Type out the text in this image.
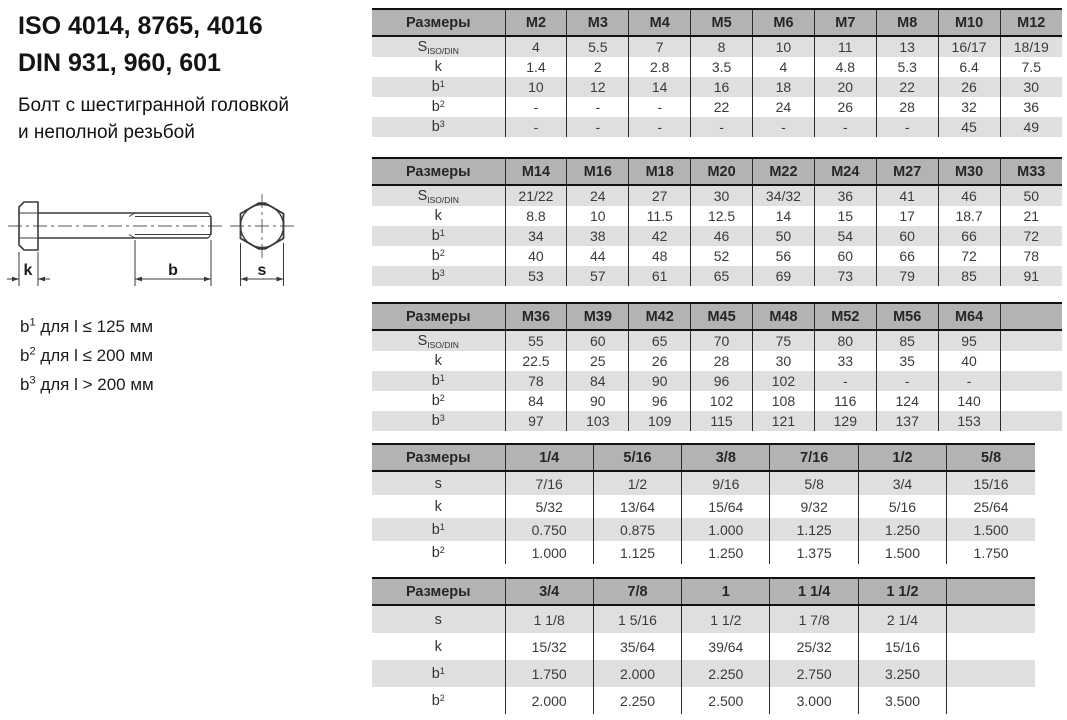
ISO 4014, 8765, 4016
DIN 931, 960, 601

Болт с шестигранной головкой

и неполной резьбой

k	b	s
$b^1$ для l ≤ 125 мм
$b^2$ для l ≤ 200 мм
$b^3$ для l > 200 мм
Размеры	M2	M3	M4	M5	M6	M7	M8	M10	M12
$S_{ISO/DIN}$	4	5.5	7	8	10	11	13	16/17	18/19
k	1.4	2	2.8	3.5	4	4.8	5.3	6.4	7.5
$b^1$	10	12	14	16	18	20	22	26	30
$b^2$	-	-	-	22	24	26	28	32	36
$b^3$	-	-	-	-	-	-	-	45	49
Размеры	M14	M16	M18	M20	M22	M24	M27	M30	M33
$S_{ISO/DIN}$	21/22	24	27	30	34/32	36	41	46	50
k	8.8	10	11.5	12.5	14	15	17	18.7	21
$b^1$	34	38	42	46	50	54	60	66	72
$b^2$	40	44	48	52	56	60	66	72	78
$b^3$	53	57	61	65	69	73	79	85	91
Размеры	M36	M39	M42	M45	M48	M52	M56	M64	
$S_{ISO/DIN}$	55	60	65	70	75	80	85	95	
k	22.5	25	26	28	30	33	35	40	
$b^1$	78	84	90	96	102	-	-	-	
$b^2$	84	90	96	102	108	116	124	140	
$b^3$	97	103	109	115	121	129	137	153	
Размеры	1/4	5/16	3/8	7/16	1/2	5/8
s	7/16	1/2	9/16	5/8	3/4	15/16
k	5/32	13/64	15/64	9/32	5/16	25/64
$b^1$	0.750	0.875	1.000	1.125	1.250	1.500
$b^2$	1.000	1.125	1.250	1.375	1.500	1.750
Размеры	3/4	7/8	1	1 1/4	1 1/2	
s	1 1/8	1 5/16	1 1/2	1 7/8	2 1/4	
k	15/32	35/64	39/64	25/32	15/16	
$b^1$	1.750	2.000	2.250	2.750	3.250	
$b^2$	2.000	2.250	2.500	3.000	3.500	
